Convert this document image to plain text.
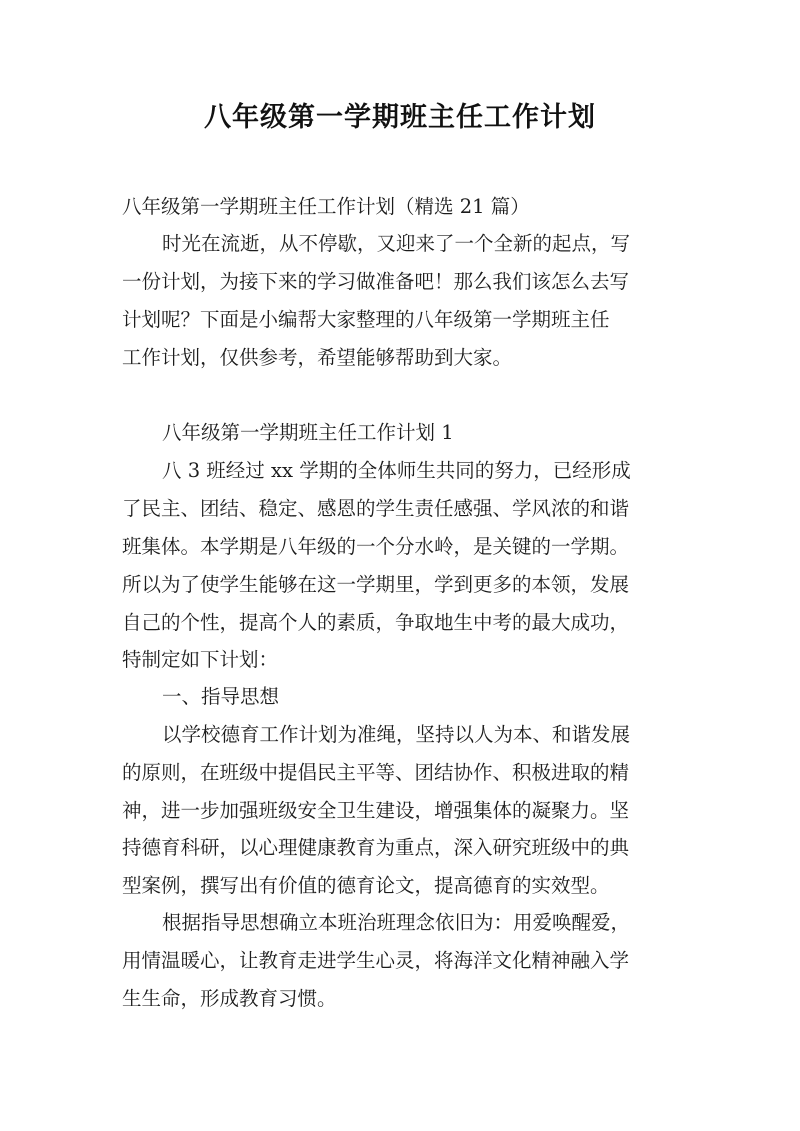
八年级第一学期班主任工作计划
八年级第一学期班主任工作计划（精选 21 篇）
时光在流逝，从不停歇，又迎来了一个全新的起点，写
一份计划，为接下来的学习做准备吧！那么我们该怎么去写
计划呢？下面是小编帮大家整理的八年级第一学期班主任
工作计划，仅供参考，希望能够帮助到大家。
八年级第一学期班主任工作计划 1
八 3 班经过 xx 学期的全体师生共同的努力，已经形成
了民主、团结、稳定、感恩的学生责任感强、学风浓的和谐
班集体。本学期是八年级的一个分水岭，是关键的一学期。
所以为了使学生能够在这一学期里，学到更多的本领，发展
自己的个性，提高个人的素质，争取地生中考的最大成功，
特制定如下计划：
一、指导思想
以学校德育工作计划为准绳，坚持以人为本、和谐发展
的原则，在班级中提倡民主平等、团结协作、积极进取的精
神，进一步加强班级安全卫生建设，增强集体的凝聚力。坚
持德育科研，以心理健康教育为重点，深入研究班级中的典
型案例，撰写出有价值的德育论文，提高德育的实效型。
根据指导思想确立本班治班理念依旧为：用爱唤醒爱，
用情温暖心，让教育走进学生心灵，将海洋文化精神融入学
生生命，形成教育习惯。
